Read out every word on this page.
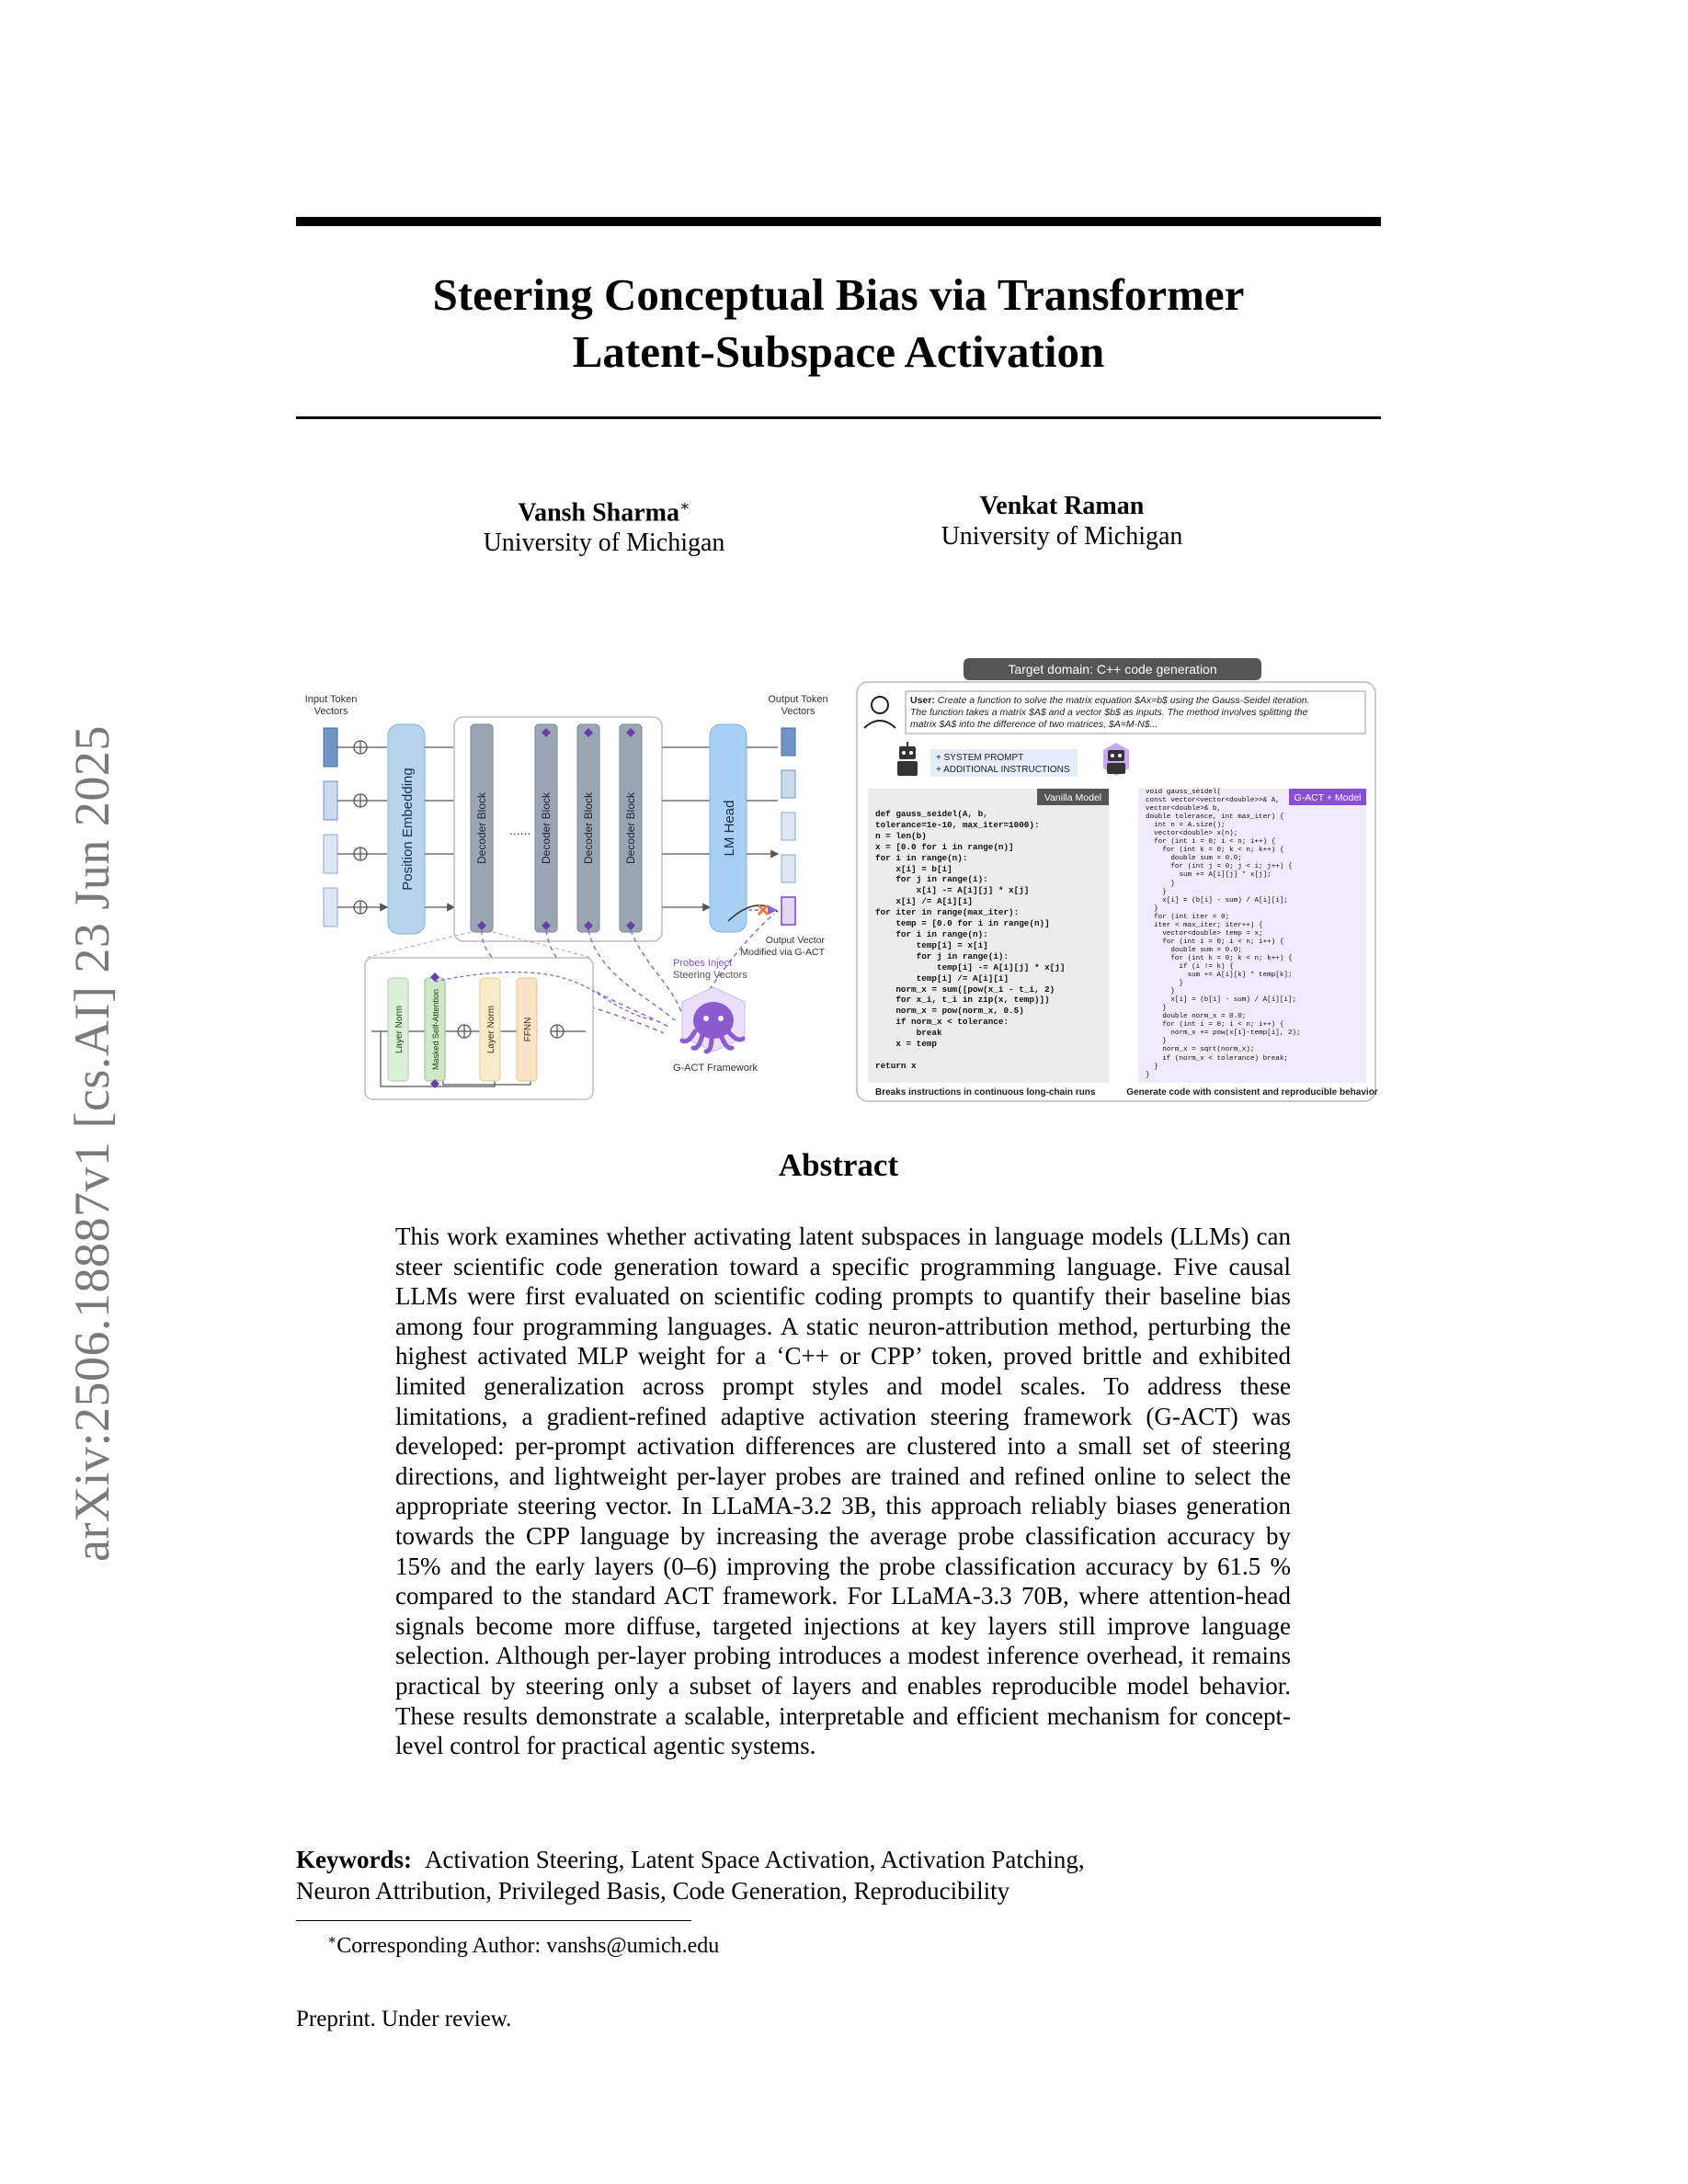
arXiv:2506.18887v1 [cs.AI] 23 Jun 2025
Steering Conceptual Bias via Transformer
Latent-Subspace Activation
Vansh Sharma∗
University of Michigan
Venkat Raman
University of Michigan
Input Token
Vectors
Position Embedding	Decoder Block ...... Decoder Block	Decoder Block	Decoder Block	LM Head
Output Token
Vectors
Output Vector
Modified via G-ACT
Probes Inject
Steering Vectors
Layer Norm	Masked Self-Attention	Layer Norm	FFNN
G-ACT Framework
Target domain: C++ code generation
User: Create a function to solve the matrix equation $Ax=b$ using the Gauss-Seidel iteration.
The function takes a matrix $A$ and a vector $b$ as inputs. The method involves splitting the
matrix $A$ into the difference of two matrices, $A=M-N$...
+ SYSTEM PROMPT
+ ADDITIONAL INSTRUCTIONS
Vanilla Model	G-ACT + Model
Breaks instructions in continuous long-chain runs	Generate code with consistent and reproducible behavior
def gauss_seidel(A, b,
tolerance=1e-10, max_iter=1000):
n = len(b)
x = [0.0 for i in range(n)]
for i in range(n):
x[i] = b[i]
for j in range(i):
x[i] -= A[i][j] * x[j]
x[i] /= A[i][i]
for iter in range(max_iter):
temp = [0.0 for i in range(n)]
for i in range(n):
temp[i] = x[i]
for j in range(i):
temp[i] -= A[i][j] * x[j]
temp[i] /= A[i][i]
norm_x = sum([pow(x_i - t_i, 2)
for x_i, t_i in zip(x, temp)])
norm_x = pow(norm_x, 0.5)
if norm_x < tolerance:
break
x = temp

return x
void gauss_seidel(
const vector<vector<double>>& A,
vector<double>& b,
double tolerance, int max_iter) {
int n = A.size();
vector<double> x(n);
for (int i = 0; i < n; i++) {
for (int k = 0; k < n; k++) {
double sum = 0.0;
for (int j = 0; j < i; j++) {
sum += A[i][j] * x[j];
}
}
x[i] = (b[i] - sum) / A[i][i];
}
for (int iter = 0;
iter < max_iter; iter++) {
vector<double> temp = x;
for (int i = 0; i < n; i++) {
double sum = 0.0;
for (int k = 0; k < n; k++) {
if (i != k) {
sum += A[i][k] * temp[k];
}
}
x[i] = (b[i] - sum) / A[i][i];
}
double norm_x = 0.0;
for (int i = 0; i < n; i++) {
norm_x += pow(x[i]-temp[i], 2);
}
norm_x = sqrt(norm_x);
if (norm_x < tolerance) break;
}
}
Abstract

This work examines whether activating latent subspaces in language models (LLMs) can steer scientific code generation toward a specific programming language. Five causal LLMs were first evaluated on scientific coding prompts to quantify their baseline bias among four programming languages. A static neuron-attribution method, perturbing the highest activated MLP weight for a ‘C++ or CPP’ token, proved brittle and exhibited limited generalization across prompt styles and model scales. To address these limitations, a gradient-refined adaptive activation steering framework (G-ACT) was developed: per-prompt activation differences are clustered into a small set of steering directions, and lightweight per-layer probes are trained and refined online to select the appropriate steering vector. In LLaMA-3.2 3B, this approach reliably biases generation towards the CPP language by increasing the average probe classification accuracy by 15% and the early layers (0–6) improving the probe classification accuracy by 61.5 % compared to the standard ACT framework. For LLaMA-3.3 70B, where attention-head signals become more diffuse, targeted injections at key layers still improve language selection. Although per-layer probing introduces a modest inference overhead, it remains practical by steering only a subset of layers and enables reproducible model behavior. These results demonstrate a scalable, interpretable and efficient mechanism for concept-level control for practical agentic systems.

Keywords: Activation Steering, Latent Space Activation, Activation Patching,
Neuron Attribution, Privileged Basis, Code Generation, Reproducibility
∗Corresponding Author: vanshs@umich.edu
Preprint. Under review.
